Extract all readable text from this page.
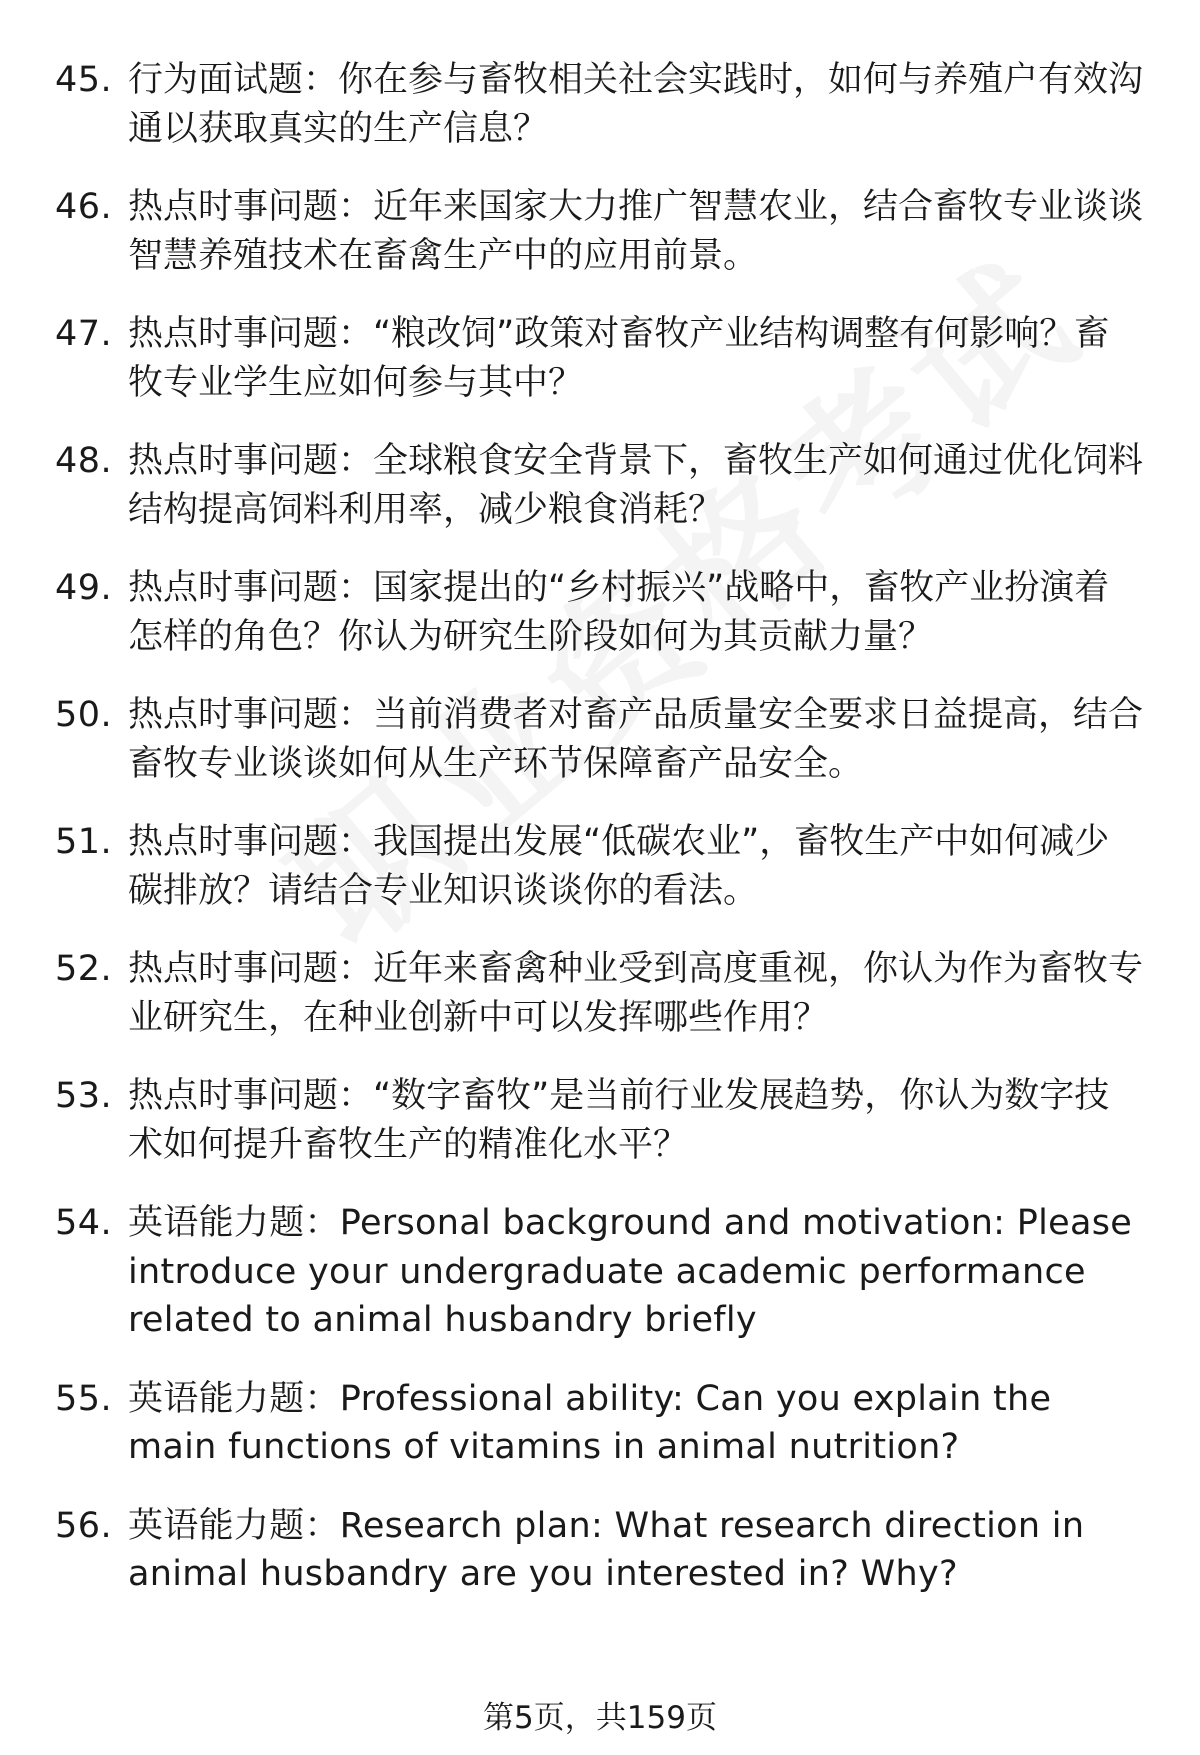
45. 行为面试题：你在参与畜牧相关社会实践时，如何与养殖户有效沟通以获取真实的生产信息？
46. 热点时事问题：近年来国家大力推广智慧农业，结合畜牧专业谈谈智慧养殖技术在畜禽生产中的应用前景。
47. 热点时事问题：“粮改饲”政策对畜牧产业结构调整有何影响？畜牧专业学生应如何参与其中？
48. 热点时事问题：全球粮食安全背景下，畜牧生产如何通过优化饲料结构提高饲料利用率，减少粮食消耗？
49. 热点时事问题：国家提出的“乡村振兴”战略中，畜牧产业扮演着怎样的角色？你认为研究生阶段如何为其贡献力量？
50. 热点时事问题：当前消费者对畜产品质量安全要求日益提高，结合畜牧专业谈谈如何从生产环节保障畜产品安全。
51. 热点时事问题：我国提出发展“低碳农业”，畜牧生产中如何减少碳排放？请结合专业知识谈谈你的看法。
52. 热点时事问题：近年来畜禽种业受到高度重视，你认为作为畜牧专业研究生，在种业创新中可以发挥哪些作用？
53. 热点时事问题：“数字畜牧”是当前行业发展趋势，你认为数字技术如何提升畜牧生产的精准化水平？
54. 英语能力题：Personal background and motivation: Please introduce your undergraduate academic performance related to animal husbandry briefly
55. 英语能力题：Professional ability: Can you explain the main functions of vitamins in animal nutrition?
56. 英语能力题：Research plan: What research direction in animal husbandry are you interested in? Why?
第5页，共159页
